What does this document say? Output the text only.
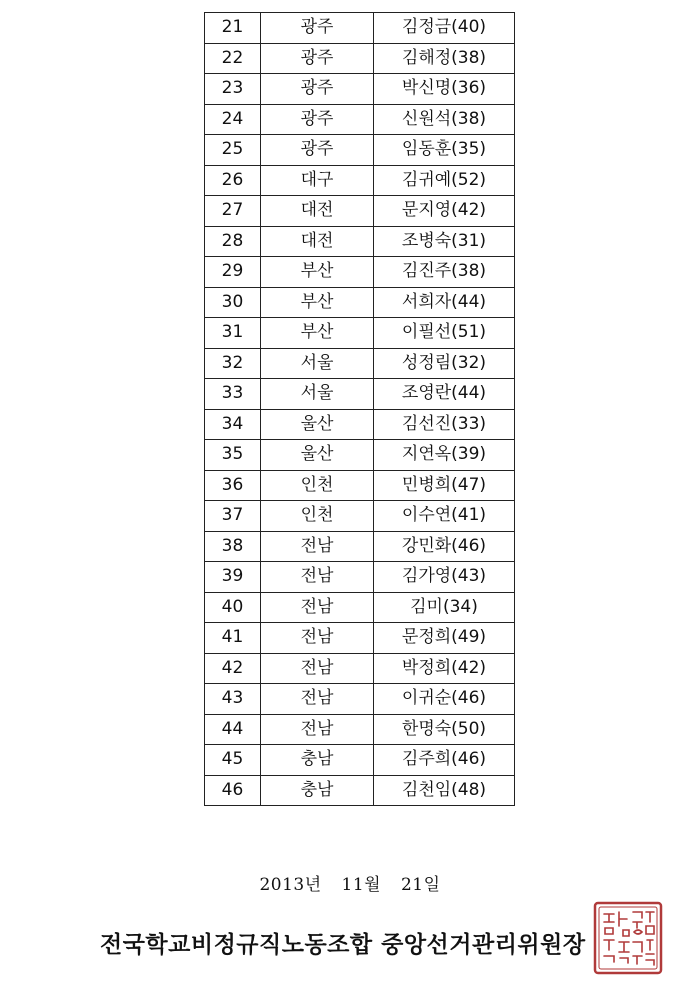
21	광주	김정금(40)
22	광주	김해정(38)
23	광주	박신명(36)
24	광주	신원석(38)
25	광주	임동훈(35)
26	대구	김귀예(52)
27	대전	문지영(42)
28	대전	조병숙(31)
29	부산	김진주(38)
30	부산	서희자(44)
31	부산	이필선(51)
32	서울	성정림(32)
33	서울	조영란(44)
34	울산	김선진(33)
35	울산	지연옥(39)
36	인천	민병희(47)
37	인천	이수연(41)
38	전남	강민화(46)
39	전남	김가영(43)
40	전남	김미(34)
41	전남	문정희(49)
42	전남	박정희(42)
43	전남	이귀순(46)
44	전남	한명숙(50)
45	충남	김주희(46)
46	충남	김천임(48)
2013년 11월 21일
전국학교비정규직노동조합 중앙선거관리위원장
